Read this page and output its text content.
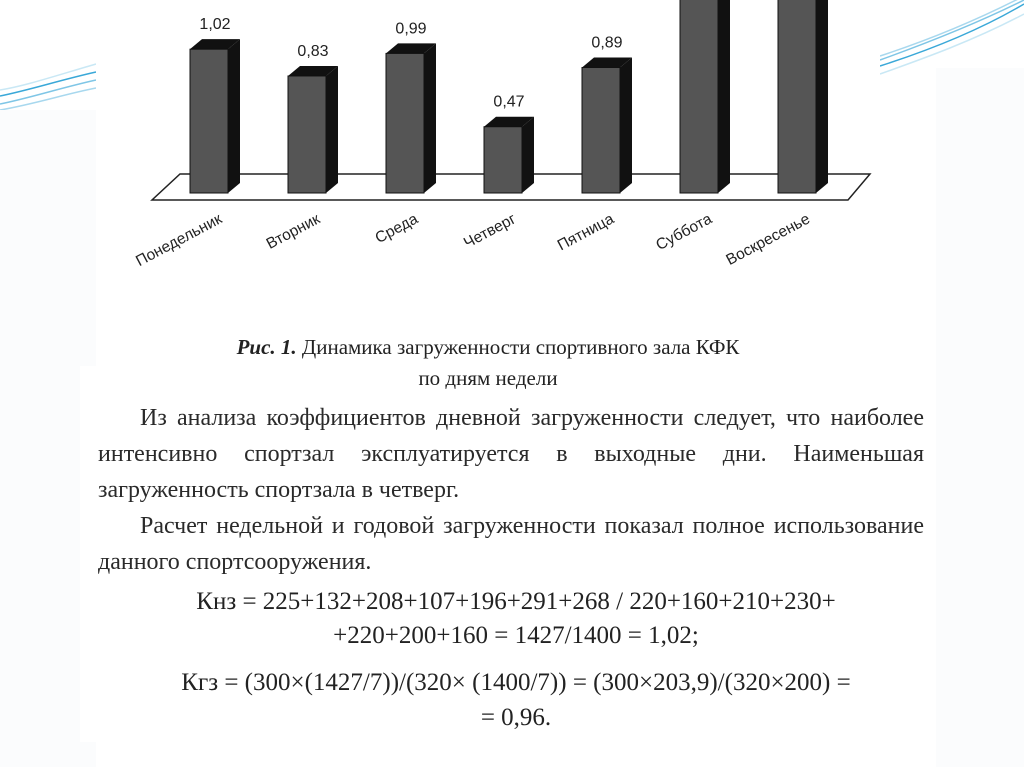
1,02
Понедельник
0,83
Вторник
0,99
Среда
0,47
Четверг
0,89
Пятница Суббота Воскресенье
Рис. 1. Динамика загруженности спортивного зала КФК
по дням недели
Из анализа коэффициентов дневной загруженности следует, что наиболее интенсивно спортзал эксплуатируется в выходные дни. Наименьшая загруженность спортзала в четверг.
Расчет недельной и годовой загруженности показал полное использование данного спортсооружения.
Кнз = 225+132+208+107+196+291+268 / 220+160+210+230+
+220+200+160 = 1427/1400 = 1,02;
Кгз = (300×(1427/7))/(320× (1400/7)) = (300×203,9)/(320×200) =
= 0,96.
